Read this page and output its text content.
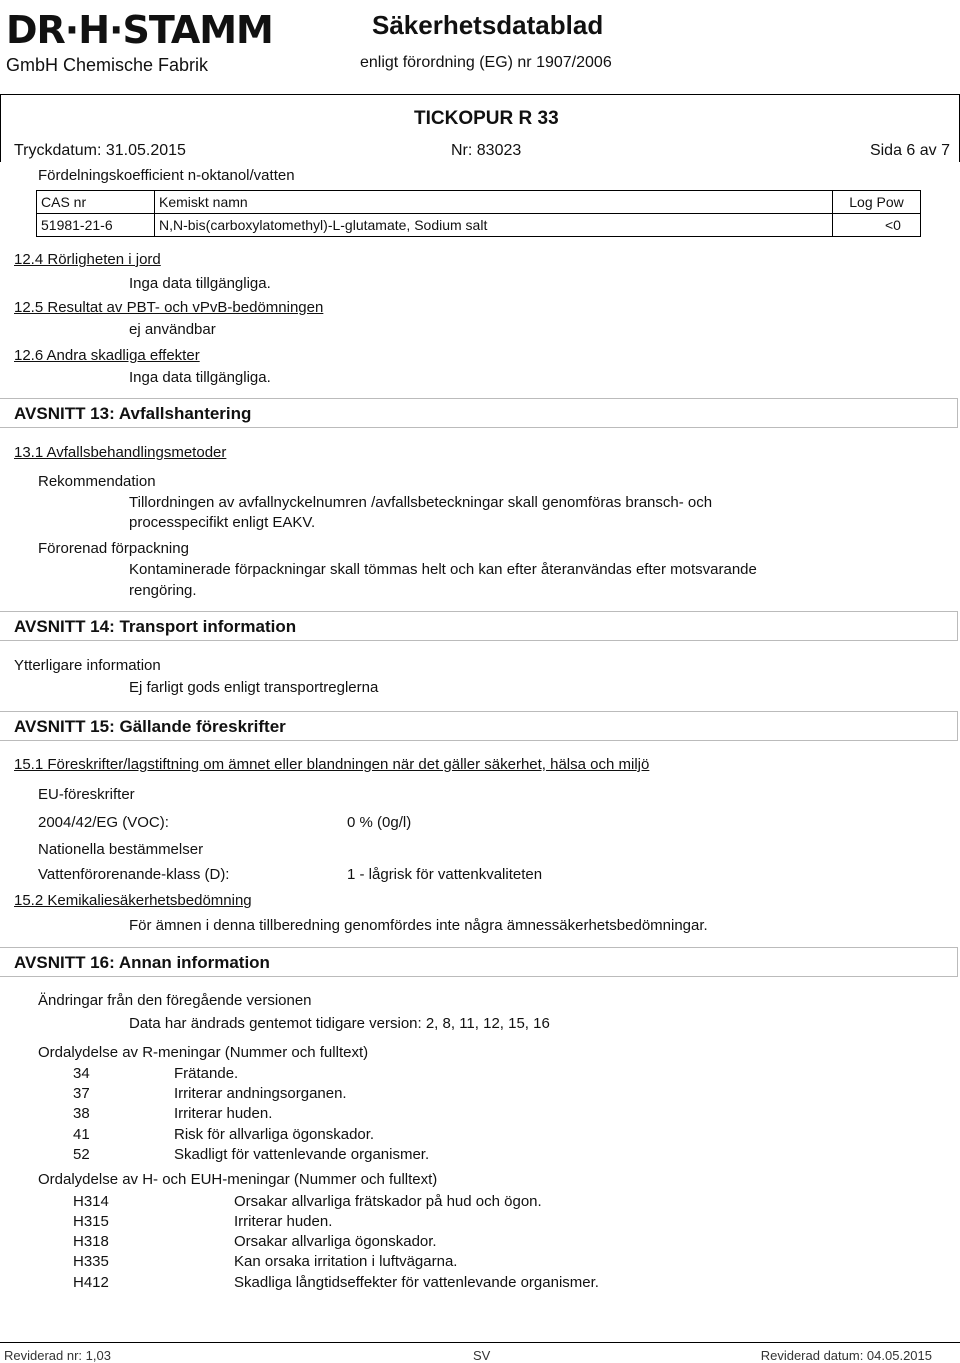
DR·H·STAMM
GmbH Chemische Fabrik
Säkerhetsdatablad
enligt förordning (EG) nr 1907/2006
TICKOPUR R 33
Tryckdatum: 31.05.2015	Nr: 83023	Sida 6 av 7
Fördelningskoefficient n-oktanol/vatten
CAS nr	Kemiskt namn	Log Pow
51981-21-6	N,N-bis(carboxylatomethyl)-L-glutamate, Sodium salt	<0
12.4 Rörligheten i jord
Inga data tillgängliga.
12.5 Resultat av PBT- och vPvB-bedömningen
ej användbar
12.6 Andra skadliga effekter
Inga data tillgängliga.
AVSNITT 13: Avfallshantering
13.1 Avfallsbehandlingsmetoder
Rekommendation
Tillordningen av avfallnyckelnumren /avfallsbeteckningar skall genomföras bransch- och
processpecifikt enligt EAKV.
Förorenad förpackning
Kontaminerade förpackningar skall tömmas helt och kan efter återanvändas efter motsvarande
rengöring.
AVSNITT 14: Transport information
Ytterligare information
Ej farligt gods enligt transportreglerna
AVSNITT 15: Gällande föreskrifter
15.1 Föreskrifter/lagstiftning om ämnet eller blandningen när det gäller säkerhet, hälsa och miljö
EU-föreskrifter
2004/42/EG (VOC):	0 % (0g/l)
Nationella bestämmelser
Vattenförorenande-klass (D):	1 - lågrisk för vattenkvaliteten
15.2 Kemikaliesäkerhetsbedömning
För ämnen i denna tillberedning genomfördes inte några ämnessäkerhetsbedömningar.
AVSNITT 16: Annan information
Ändringar från den föregående versionen
Data har ändrads gentemot tidigare version: 2, 8, 11, 12, 15, 16
Ordalydelse av R-meningar (Nummer och fulltext)
34	Frätande.
37	Irriterar andningsorganen.
38	Irriterar huden.
41	Risk för allvarliga ögonskador.
52	Skadligt för vattenlevande organismer.
Ordalydelse av H- och EUH-meningar (Nummer och fulltext)
H314	Orsakar allvarliga frätskador på hud och ögon.
H315	Irriterar huden.
H318	Orsakar allvarliga ögonskador.
H335	Kan orsaka irritation i luftvägarna.
H412	Skadliga långtidseffekter för vattenlevande organismer.
Reviderad nr: 1,03	SV	Reviderad datum: 04.05.2015
